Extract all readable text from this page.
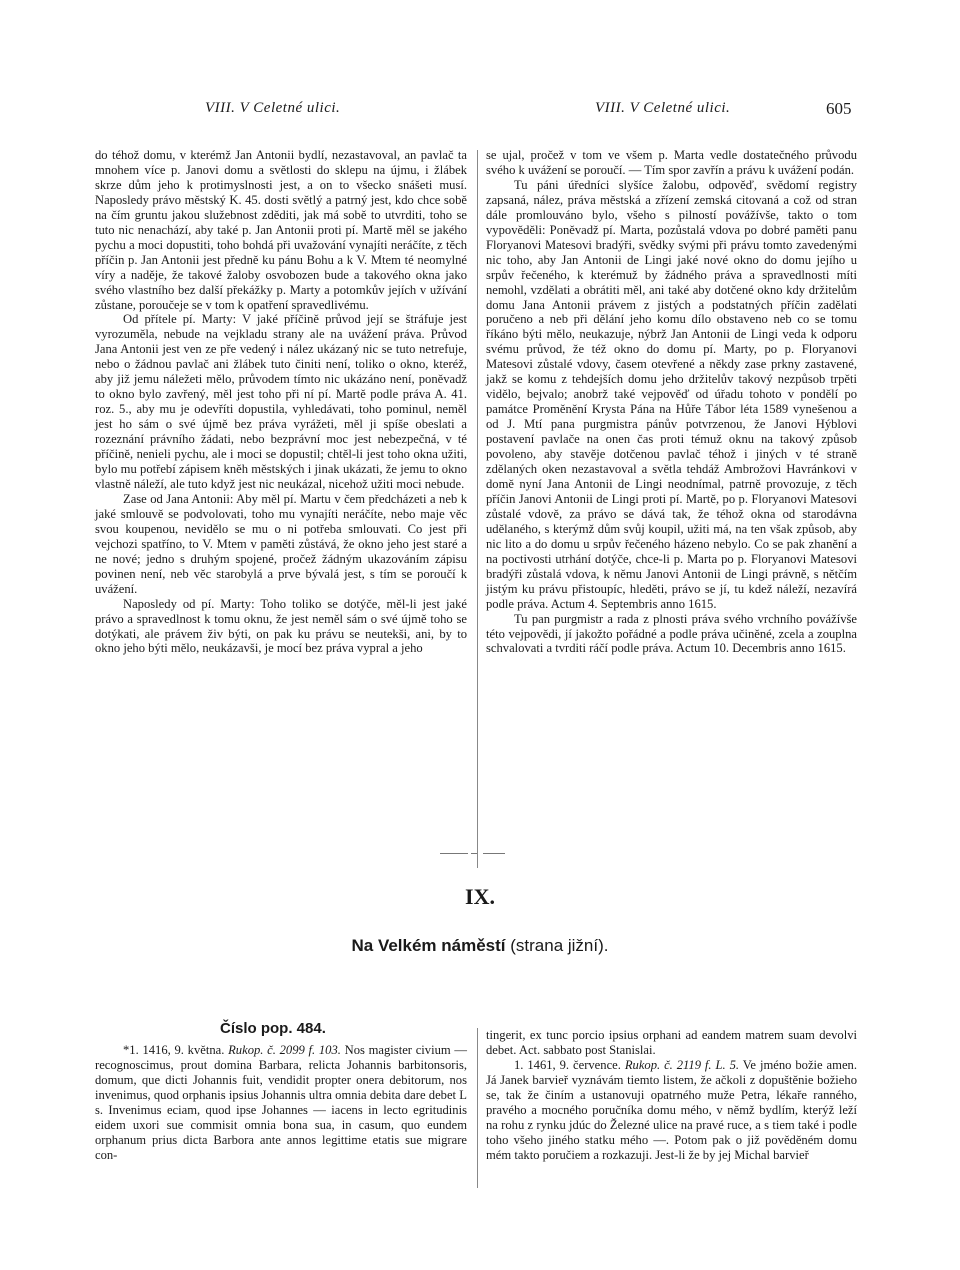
VIII. V Celetné ulici.	VIII. V Celetné ulici.	605

do téhož domu, v kterémž Jan Antonii bydlí, nezastavoval, an pavlač ta mnohem více p. Janovi domu a světlosti do sklepu na újmu, i žlábek skrze dům jeho k protimyslnosti jest, a on to všecko snášeti musí. Naposledy právo městský K. 45. dosti světlý a patrný jest, kdo chce sobě na čím gruntu jakou služebnost zděditi, jak má sobě to utvrditi, toho se tuto nic nenachází, aby také p. Jan Antonii proti pí. Martě měl se jakého pychu a moci dopustiti, toho bohdá při uvažování vynajíti neráčíte, z těch příčin p. Jan Antonii jest předně ku pánu Bohu a k V. Mtem té neomylné víry a naděje, že takové žaloby osvobozen bude a takového okna jako svého vlastního bez další překážky p. Marty a potomkův jejích v užívání zůstane, poroučeje se v tom k opatření spravedlivému.

Od přítele pí. Marty: V jaké příčině průvod její se štráfuje jest vyrozuměla, nebude na vejkladu strany ale na uvážení práva. Průvod Jana Antonii jest ven ze pře vedený i nález ukázaný nic se tuto netrefuje, nebo o žádnou pavlač ani žlábek tuto činiti není, toliko o okno, kteréž, aby již jemu náležeti mělo, průvodem tímto nic ukázáno není, poněvadž to okno bylo zavřený, měl jest toho při ní pí. Martě podle práva A. 41. roz. 5., aby mu je odevříti dopustila, vyhledávati, toho pominul, neměl jest ho sám o své újmě bez práva vyrážeti, měl ji spíše obeslati a rozeznání právního žádati, nebo bezprávní moc jest nebezpečná, v té příčině, nenieli pychu, ale i moci se dopustil; chtěl-li jest toho okna užiti, bylo mu potřebí zápisem kněh městských i jinak ukázati, že jemu to okno vlastně náleží, ale tuto když jest nic neukázal, nicehož užiti moci nebude.

Zase od Jana Antonii: Aby měl pí. Martu v čem předcházeti a neb k jaké smlouvě se podvolovati, toho mu vynajíti neráčíte, nebo maje věc svou koupenou, nevidělo se mu o ni potřeba smlouvati. Co jest při vejchozi spatříno, to V. Mtem v paměti zůstává, že okno jeho jest staré a ne nové; jedno s druhým spojené, pročež žádným ukazováním zápisu povinen není, neb věc starobylá a prve bývalá jest, s tím se poroučí k uvážení.

Naposledy od pí. Marty: Toho toliko se dotýče, měl-li jest jaké právo a spravedlnost k tomu oknu, že jest neměl sám o své újmě toho se dotýkati, ale právem živ býti, on pak ku právu se neutekši, ani, by to okno jeho býti mělo, neukázavši, je mocí bez práva vypral a jeho

se ujal, pročež v tom ve všem p. Marta vedle dostatečného průvodu svého k uvážení se poroučí. — Tím spor zavřín a právu k uvážení podán.

Tu páni úředníci slyšíce žalobu, odpověď, svědomí registry zapsaná, nález, práva městská a zřízení zemská citovaná a což od stran dále promlouváno bylo, všeho s pilností povážívše, takto o tom vypověděli: Poněvadž pí. Marta, pozůstalá vdova po dobré paměti panu Floryanovi Matesovi bradýři, svědky svými při právu tomto zavedenými nic toho, aby Jan Antonii de Lingi jaké nové okno do domu jejího u srpův řečeného, k kterémuž by žádného práva a spravedlnosti míti nemohl, vzdělati a obrátiti měl, ani také aby dotčené okno kdy držitelům domu Jana Antonii právem z jistých a podstatných příčin zadělati poručeno a neb při dělání jeho komu dílo obstaveno neb co se tomu říkáno býti mělo, neukazuje, nýbrž Jan Antonii de Lingi veda k odporu svému průvod, že též okno do domu pí. Marty, po p. Floryanovi Matesovi zůstalé vdovy, časem otevřené a někdy zase prkny zastavené, jakž se komu z tehdejších domu jeho držitelův takový nezpůsob trpěti vidělo, bejvalo; anobrž také vejpověď od úřadu tohoto v pondělí po památce Proměnění Krysta Pána na Hůře Tábor léta 1589 vynešenou a od J. Mtí pana purgmistra pánův potvrzenou, že Janovi Hýblovi postavení pavlače na onen čas proti témuž oknu na takový způsob povoleno, aby stavěje dotčenou pavlač téhož i jiných v té straně zdělaných oken nezastavoval a světla tehdáž Ambrožovi Havránkovi v domě nyní Jana Antonii de Lingi neodnímal, patrně provozuje, z těch příčin Janovi Antonii de Lingi proti pí. Martě, po p. Floryanovi Matesovi zůstalé vdově, za právo se dává tak, že téhož okna od starodávna udělaného, s kterýmž dům svůj koupil, užiti má, na ten však způsob, aby nic lito a do domu u srpův řečeného házeno nebylo. Co se pak zhanění a na poctivosti utrhání dotýče, chce-li p. Marta po p. Floryanovi Matesovi bradýři zůstalá vdova, k němu Janovi Antonii de Lingi právně, s nětčím jistým ku právu přistoupíc, hleděti, právo se jí, tu kdež náleží, nezavírá podle práva. Actum 4. Septembris anno 1615.

Tu pan purgmistr a rada z plnosti práva svého vrchního povážívše této vejpovědi, jí jakožto pořádné a podle práva učiněné, zcela a zouplna schvalovati a tvrditi ráčí podle práva. Actum 10. Decembris anno 1615.

IX.
Na Velkém náměstí (strana jižní).
Číslo pop. 484.

*1. 1416, 9. května. Rukop. č. 2099 f. 103. Nos magister civium — recognoscimus, prout domina Barbara, relicta Johannis barbitonsoris, domum, que dicti Johannis fuit, vendidit propter onera debitorum, nos invenimus, quod orphanis ipsius Johannis ultra omnia debita dare debet L s. Invenimus eciam, quod ipse Johannes — iacens in lecto egritudinis eidem uxori sue commisit omnia bona sua, in casum, quo eundem orphanum prius dicta Barbora ante annos legittime etatis sue migrare con-

tingerit, ex tunc porcio ipsius orphani ad eandem matrem suam devolvi debet. Act. sabbato post Stanislai.

1. 1461, 9. července. Rukop. č. 2119 f. L. 5. Ve jméno božie amen. Já Janek barvieř vyznávám tiemto listem, že ačkoli z dopuštěnie božieho se, tak že činím a ustanovuji opatrného muže Petra, lékaře ranného, pravého a mocného poručníka domu mého, v němž bydlím, kterýž leží na rohu z rynku jdúc do Železné ulice na pravé ruce, a s tiem také i podle toho všeho jiného statku mého —. Potom pak o již pověděném domu mém takto poručiem a rozkazuji. Jest-li že by jej Michal barvieř
